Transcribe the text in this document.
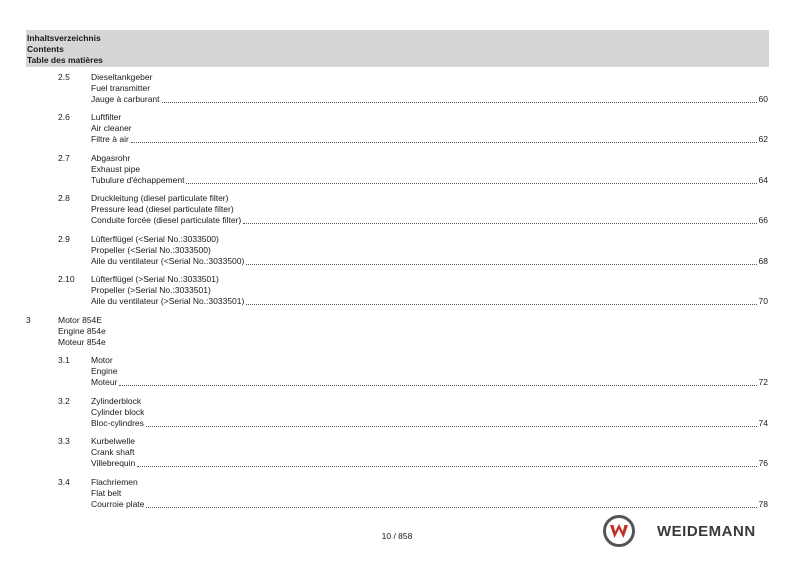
Inhaltsverzeichnis
Contents
Table des matières
2.5 Dieseltankgeber
Fuel transmitter
Jauge à carburant	60
2.6 Luftfilter
Air cleaner
Filtre à air	62
2.7 Abgasrohr
Exhaust pipe
Tubulure d'échappement	64
2.8 Druckleitung (diesel particulate filter)
Pressure lead (diesel particulate filter)
Conduite forcée (diesel particulate filter)	66
2.9 Lüfterflügel (<Serial No.:3033500)
Propeller (<Serial No.:3033500)
Aile du ventilateur (<Serial No.:3033500)	68
2.10 Lüfterflügel (>Serial No.:3033501)
Propeller (>Serial No.:3033501)
Aile du ventilateur (>Serial No.:3033501)	70
3	Motor 854E
Engine 854e
Moteur 854e
3.1 Motor
Engine
Moteur	72
3.2 Zylinderblock
Cylinder block
Bloc-cylindres	74
3.3 Kurbelwelle
Crank shaft
Villebrequin	76
3.4 Flachriemen
Flat belt
Courroie plate	78
10 / 858	WEIDEMANN
